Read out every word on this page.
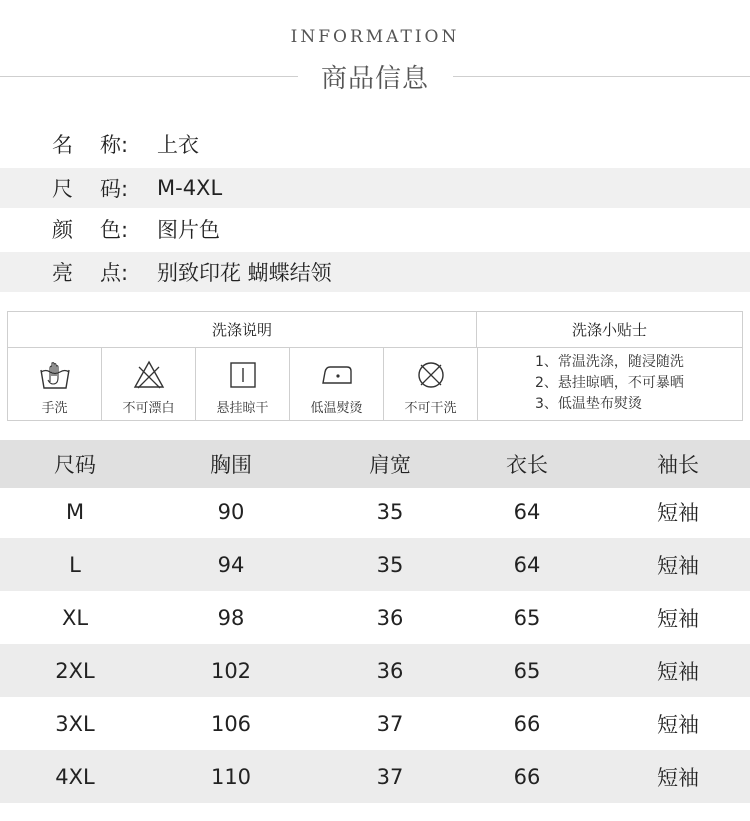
INFORMATION
商品信息
名 称: 上衣
尺 码: M-4XL
颜 色: 图片色
亮 点: 别致印花 蝴蝶结领
洗涤说明	洗涤小贴士
手洗	不可漂白	悬挂晾干	低温熨烫	不可干洗
1、常温洗涤，随浸随洗
2、悬挂晾晒，不可暴晒
3、低温垫布熨烫
尺码	胸围	肩宽	衣长	袖长
M	90	35	64	短袖
L	94	35	64	短袖
XL	98	36	65	短袖
2XL	102	36	65	短袖
3XL	106	37	66	短袖
4XL	110	37	66	短袖
